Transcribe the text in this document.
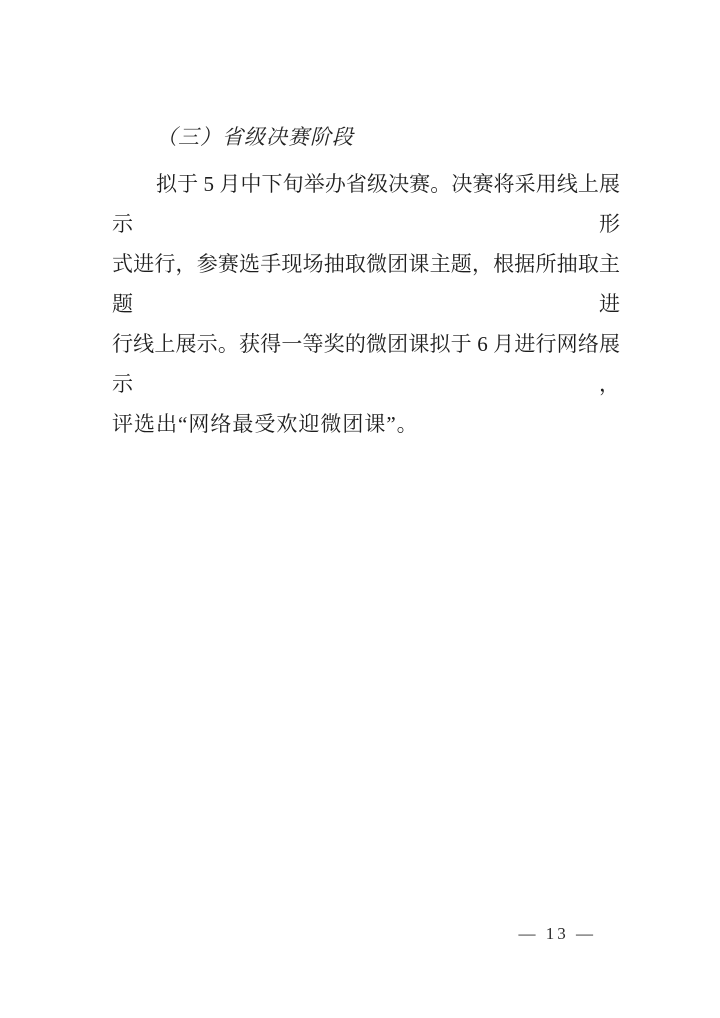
（三）省级决赛阶段
拟于 5 月中下旬举办省级决赛。决赛将采用线上展示形
式进行，参赛选手现场抽取微团课主题，根据所抽取主题进
行线上展示。获得一等奖的微团课拟于 6 月进行网络展示，
评选出“网络最受欢迎微团课”。
— 13 —
